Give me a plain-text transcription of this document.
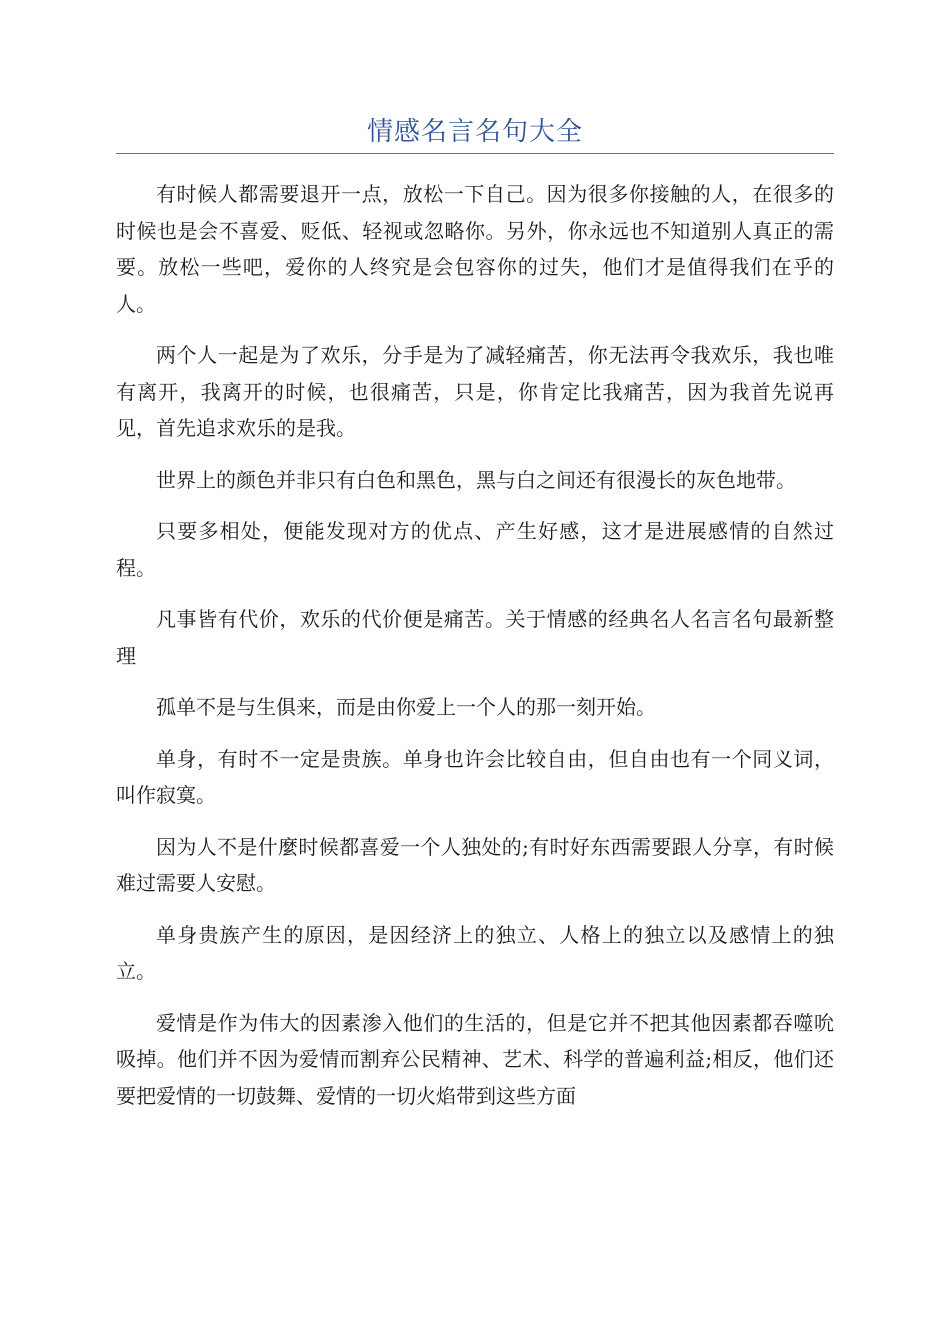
情感名言名句大全

有时候人都需要退开一点，放松一下自己。因为很多你接触的人，在很多的时候也是会不喜爱、贬低、轻视或忽略你。另外，你永远也不知道别人真正的需要。放松一些吧，爱你的人终究是会包容你的过失，他们才是值得我们在乎的人。

两个人一起是为了欢乐，分手是为了减轻痛苦，你无法再令我欢乐，我也唯有离开，我离开的时候，也很痛苦，只是，你肯定比我痛苦，因为我首先说再见，首先追求欢乐的是我。

世界上的颜色并非只有白色和黑色，黑与白之间还有很漫长的灰色地带。

只要多相处，便能发现对方的优点、产生好感，这才是进展感情的自然过程。

凡事皆有代价，欢乐的代价便是痛苦。关于情感的经典名人名言名句最新整理

孤单不是与生俱来，而是由你爱上一个人的那一刻开始。

单身，有时不一定是贵族。单身也许会比较自由，但自由也有一个同义词，叫作寂寞。

因为人不是什麼时候都喜爱一个人独处的;有时好东西需要跟人分享，有时候难过需要人安慰。

单身贵族产生的原因，是因经济上的独立、人格上的独立以及感情上的独立。

爱情是作为伟大的因素渗入他们的生活的，但是它并不把其他因素都吞噬吮吸掉。他们并不因为爱情而割弃公民精神、艺术、科学的普遍利益;相反，他们还要把爱情的一切鼓舞、爱情的一切火焰带到这些方面
